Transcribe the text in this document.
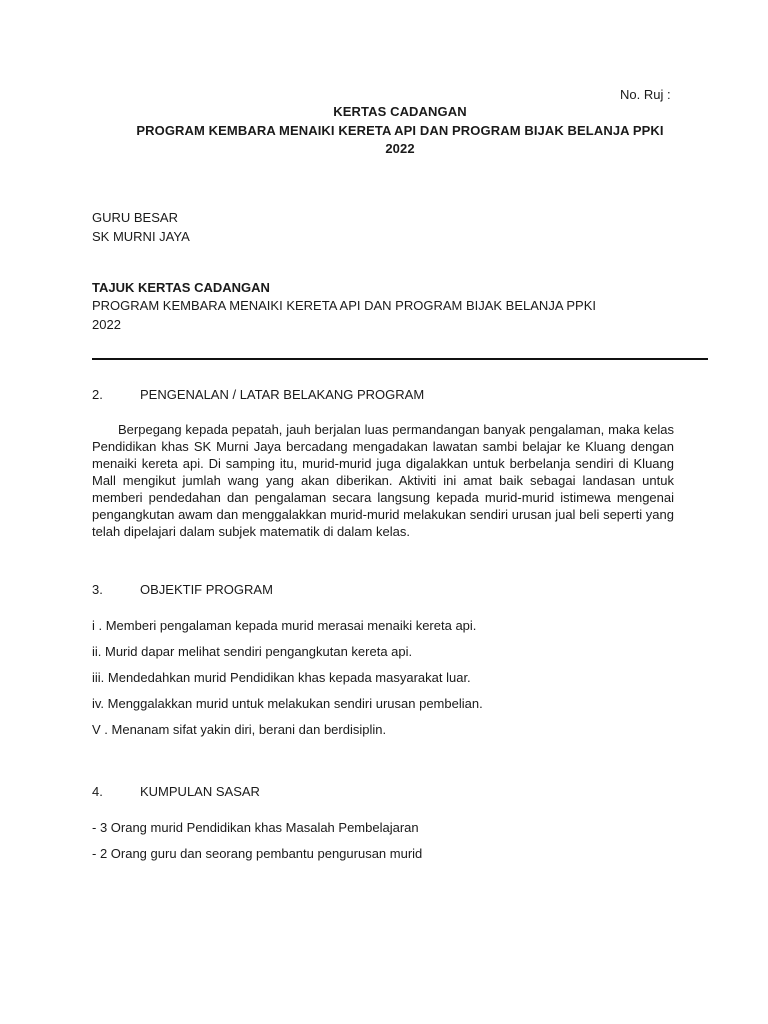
No. Ruj :
KERTAS CADANGAN
PROGRAM KEMBARA MENAIKI KERETA API DAN PROGRAM BIJAK BELANJA PPKI
2022
GURU BESAR
SK MURNI JAYA
TAJUK KERTAS CADANGAN
PROGRAM KEMBARA MENAIKI KERETA API DAN PROGRAM BIJAK BELANJA PPKI
2022
2.	PENGENALAN / LATAR BELAKANG PROGRAM
Berpegang kepada pepatah, jauh berjalan luas permandangan banyak pengalaman, maka kelas Pendidikan khas SK Murni Jaya bercadang mengadakan lawatan sambi belajar ke Kluang dengan menaiki kereta api. Di samping itu, murid-murid juga digalakkan untuk berbelanja sendiri di Kluang Mall mengikut jumlah wang yang akan diberikan. Aktiviti ini amat baik sebagai landasan untuk memberi pendedahan dan pengalaman secara langsung kepada murid-murid istimewa mengenai pengangkutan awam dan menggalakkan murid-murid melakukan sendiri urusan jual beli seperti yang telah dipelajari dalam subjek matematik di dalam kelas.
3.	OBJEKTIF PROGRAM
i . Memberi pengalaman kepada murid merasai menaiki kereta api.
ii. Murid dapar melihat sendiri pengangkutan kereta api.
iii. Mendedahkan murid Pendidikan khas kepada masyarakat luar.
iv. Menggalakkan murid untuk melakukan sendiri urusan pembelian.
V . Menanam sifat yakin diri, berani dan berdisiplin.
4.	KUMPULAN SASAR
- 3 Orang murid Pendidikan khas Masalah Pembelajaran
- 2 Orang guru dan seorang pembantu pengurusan murid
